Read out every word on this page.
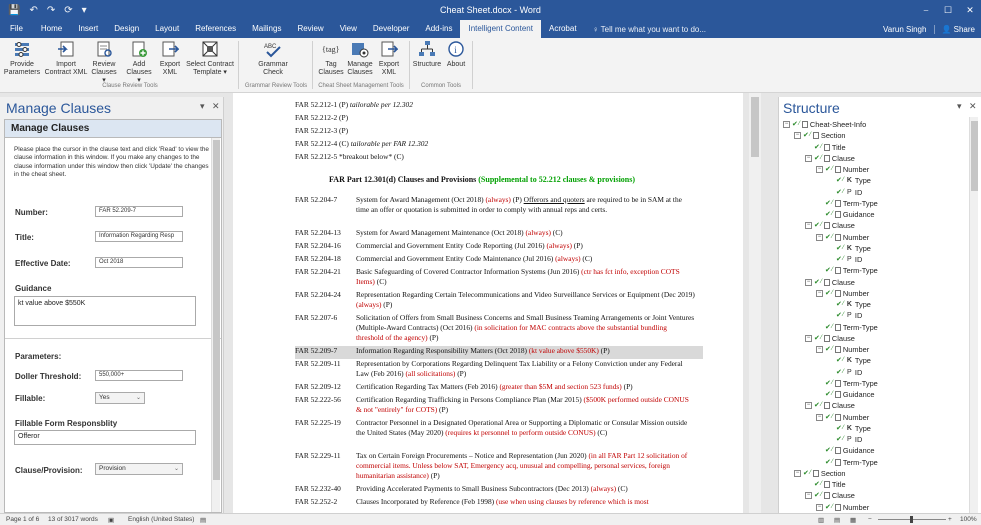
💾 ↶ ↷ ⟳ ▾	Cheat Sheet.docx - Word	⎯	☐	✕
File	Home	Insert	Design	Layout	References	Mailings	Review	View	Developer	Add-ins	Intelligent Content	Acrobat	♀ Tell me what you want to do...	Varun Singh	👤 Share
Provide
Parameters
Import
Contract XML
Review
Clauses ▾
Add
Clauses ▾
Export
XML
Select Contract
Template ▾
Clause Review Tools
ABC
Grammar
Check
Grammar Review Tools
{tag}
Tag
Clauses
Manage
Clauses
Export
XML
Cheat Sheet Management Tools
Structure
i
About
Common Tools
Manage Clauses	▾ ✕
Manage Clauses
Please place the cursor in the clause text and click 'Read' to view the clause information in this window. If you make any changes to the clause information under this window then click 'Update' the changes in the cheat sheet.
Number:	FAR 52.209-7
Title:	Information Regarding Resp
Effective Date:	Oct 2018
Guidance
kt value above $550K
Parameters:
Doller Threshold:	550,000+
Fillable:	Yes	⌄
Fillable Form Responsblity
Offeror
Clause/Provision:	Provision	⌄
FAR 52.212-1 (P) tailorable per 12.302
FAR 52.212-2 (P)
FAR 52.212-3 (P)
FAR 52.212-4 (C) tailorable per FAR 12.302
FAR 52.212-5 *breakout below* (C)
FAR Part 12.301(d) Clauses and Provisions (Supplemental to 52.212 clauses & provisions)
FAR 52.204-7	System for Award Management (Oct 2018) (always) (P) Offerors and quoters are required to be in SAM at the time an offer or quotation is submitted in order to comply with annual reps and certs.
FAR 52.204-13 System for Award Management Maintenance (Oct 2018) (always) (C)
FAR 52.204-16 Commercial and Government Entity Code Reporting (Jul 2016) (always) (P)
FAR 52.204-18 Commercial and Government Entity Code Maintenance (Jul 2016) (always) (C)
FAR 52.204-21 Basic Safeguarding of Covered Contractor Information Systems (Jun 2016) (ctr has fct info, exception COTS Items) (C)
FAR 52.204-24 Representation Regarding Certain Telecommunications and Video Surveillance Services or Equipment (Dec 2019) (always) (P)
FAR 52.207-6	Solicitation of Offers from Small Business Concerns and Small Business Teaming Arrangements or Joint Ventures (Multiple-Award Contracts) (Oct 2016) (in solicitation for MAC contracts above the substantial bundling threshold of the agency) (P)
FAR 52.209-7	Information Regarding Responsibility Matters (Oct 2018) (kt value above $550K) (P)
FAR 52.209-11 Representation by Corporations Regarding Delinquent Tax Liability or a Felony Conviction under any Federal Law (Feb 2016) (all solicitations) (P)
FAR 52.209-12 Certification Regarding Tax Matters (Feb 2016) (greater than $5M and section 523 funds) (P)
FAR 52.222-56 Certification Regarding Trafficking in Persons Compliance Plan (Mar 2015) ($500K performed outside CONUS & not "entirely" for COTS) (P)
FAR 52.225-19 Contractor Personnel in a Designated Operational Area or Supporting a Diplomatic or Consular Mission outside the United States (May 2020) (requires kt personnel to perform outside CONUS) (C)
FAR 52.229-11 Tax on Certain Foreign Procurements – Notice and Representation (Jun 2020) (in all FAR Part 12 solicitation of commercial items. Unless below SAT, Emergency acq, unusual and compelling, personal services, foreign humanitarian assistance) (P)
FAR 52.232-40 Providing Accelerated Payments to Small Business Subcontractors (Dec 2013) (always) (C)
FAR 52.252-2	Clauses Incorporated by Reference (Feb 1998) (use when using clauses by reference which is most
Structure	▾ ✕
− ✔ ⁄ Cheat-Sheet-Info
− ✔ ⁄ Section
✔ ⁄ Title
− ✔ ⁄ Clause
− ✔ ⁄ Number
✔ ⁄ K Type
✔ ⁄ P ID
✔ ⁄ Term-Type
✔ ⁄ Guidance
− ✔ ⁄ Clause
− ✔ ⁄ Number
✔ ⁄ K Type
✔ ⁄ P ID
✔ ⁄ Term-Type
− ✔ ⁄ Clause
− ✔ ⁄ Number
✔ ⁄ K Type
✔ ⁄ P ID
✔ ⁄ Term-Type
− ✔ ⁄ Clause
− ✔ ⁄ Number
✔ ⁄ K Type
✔ ⁄ P ID
✔ ⁄ Term-Type
✔ ⁄ Guidance
− ✔ ⁄ Clause
− ✔ ⁄ Number
✔ ⁄ K Type
✔ ⁄ P ID
✔ ⁄ Guidance
✔ ⁄ Term-Type
− ✔ ⁄ Section
✔ ⁄ Title
− ✔ ⁄ Clause
− ✔ ⁄ Number
Page 1 of 6 13 of 3017 words ▣ English (United States) ▤	▥ ▤ ▦ −	+ 100%
